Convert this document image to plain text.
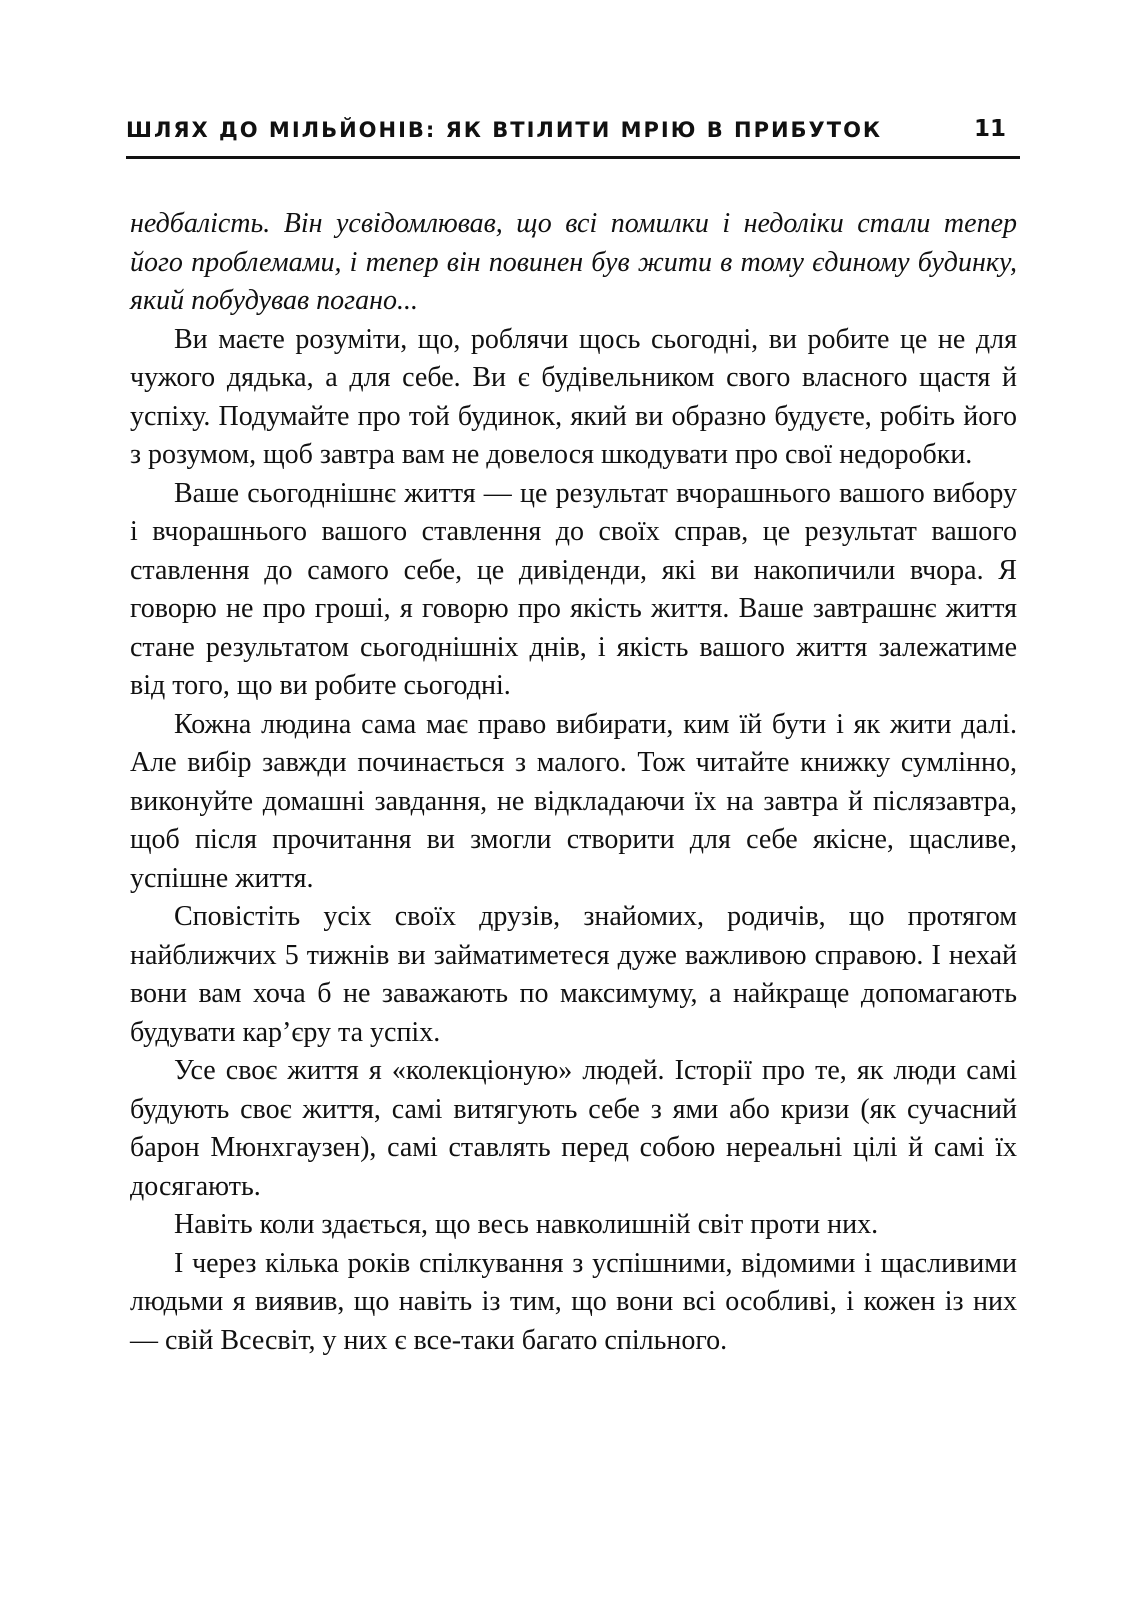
ШЛЯХ ДО МІЛЬЙОНІВ: ЯК ВТІЛИТИ МРІЮ В ПРИБУТОК	11

недбалість. Він усвідомлював, що всі помилки і недоліки стали тепер його проблемами, і тепер він повинен був жити в тому єдиному будинку, який побудував погано...

Ви маєте розуміти, що, роблячи щось сьогодні, ви робите це не для чужого дядька, а для себе. Ви є будівельником свого власного щастя й успіху. Подумайте про той будинок, який ви образно будуєте, робіть його з розумом, щоб завтра вам не довелося шкодувати про свої недоробки.

Ваше сьогоднішнє життя — це результат вчорашнього вашого вибору і вчорашнього вашого ставлення до своїх справ, це результат вашого ставлення до самого себе, це дивіденди, які ви накопичили вчора. Я говорю не про гроші, я говорю про якість життя. Ваше завтрашнє життя стане результатом сьогоднішніх днів, і якість вашого життя залежатиме від того, що ви робите сьогодні.

Кожна людина сама має право вибирати, ким їй бути і як жити далі. Але вибір завжди починається з малого. Тож читайте книжку сумлінно, виконуйте домашні завдання, не відкладаючи їх на завтра й післязавтра, щоб після прочитання ви змогли створити для себе якісне, щасливе, успішне життя.

Сповістіть усіх своїх друзів, знайомих, родичів, що протягом найближчих 5 тижнів ви займатиметеся дуже важливою справою. І нехай вони вам хоча б не заважають по максимуму, а найкраще допомагають будувати кар’єру та успіх.

Усе своє життя я «колекціоную» людей. Історії про те, як люди самі будують своє життя, самі витягують себе з ями або кризи (як сучасний барон Мюнхгаузен), самі ставлять перед собою нереальні цілі й самі їх досягають.

Навіть коли здається, що весь навколишній світ проти них.

І через кілька років спілкування з успішними, відомими і щасливими людьми я виявив, що навіть із тим, що вони всі особливі, і кожен із них — свій Всесвіт, у них є все-таки багато спільного.
